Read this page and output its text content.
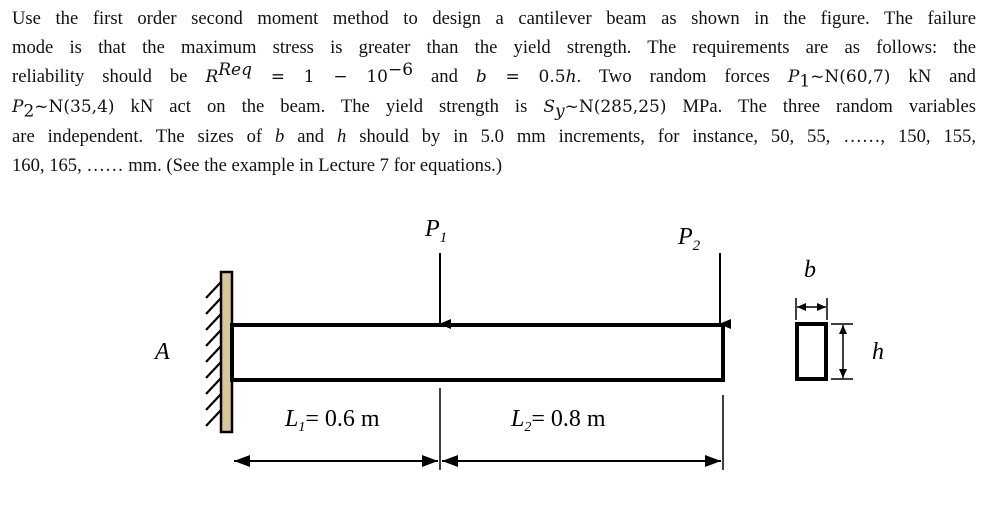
Use the first order second moment method to design a cantilever beam as shown in the figure. The failure
mode is that the maximum stress is greater than the yield strength. The requirements are as follows: the
reliability should be $R^{Req} = 1 - 10^{-6}$ and b = 0.5h. Two random forces $P_1\sim N(60,7)$ kN and
$P_2\sim N(35,4)$ kN act on the beam. The yield strength is $S_y\sim N(285,25)$ MPa. The three random variables
are independent. The sizes of b and h should by in 5.0 mm increments, for instance, 50, 55, ……, 150, 155,
160, 165, …… mm. (See the example in Lecture 7 for equations.)
A
$P_1$	$P_2$
$L_1= 0.6$ m	$L_2= 0.8$ m
b
h
